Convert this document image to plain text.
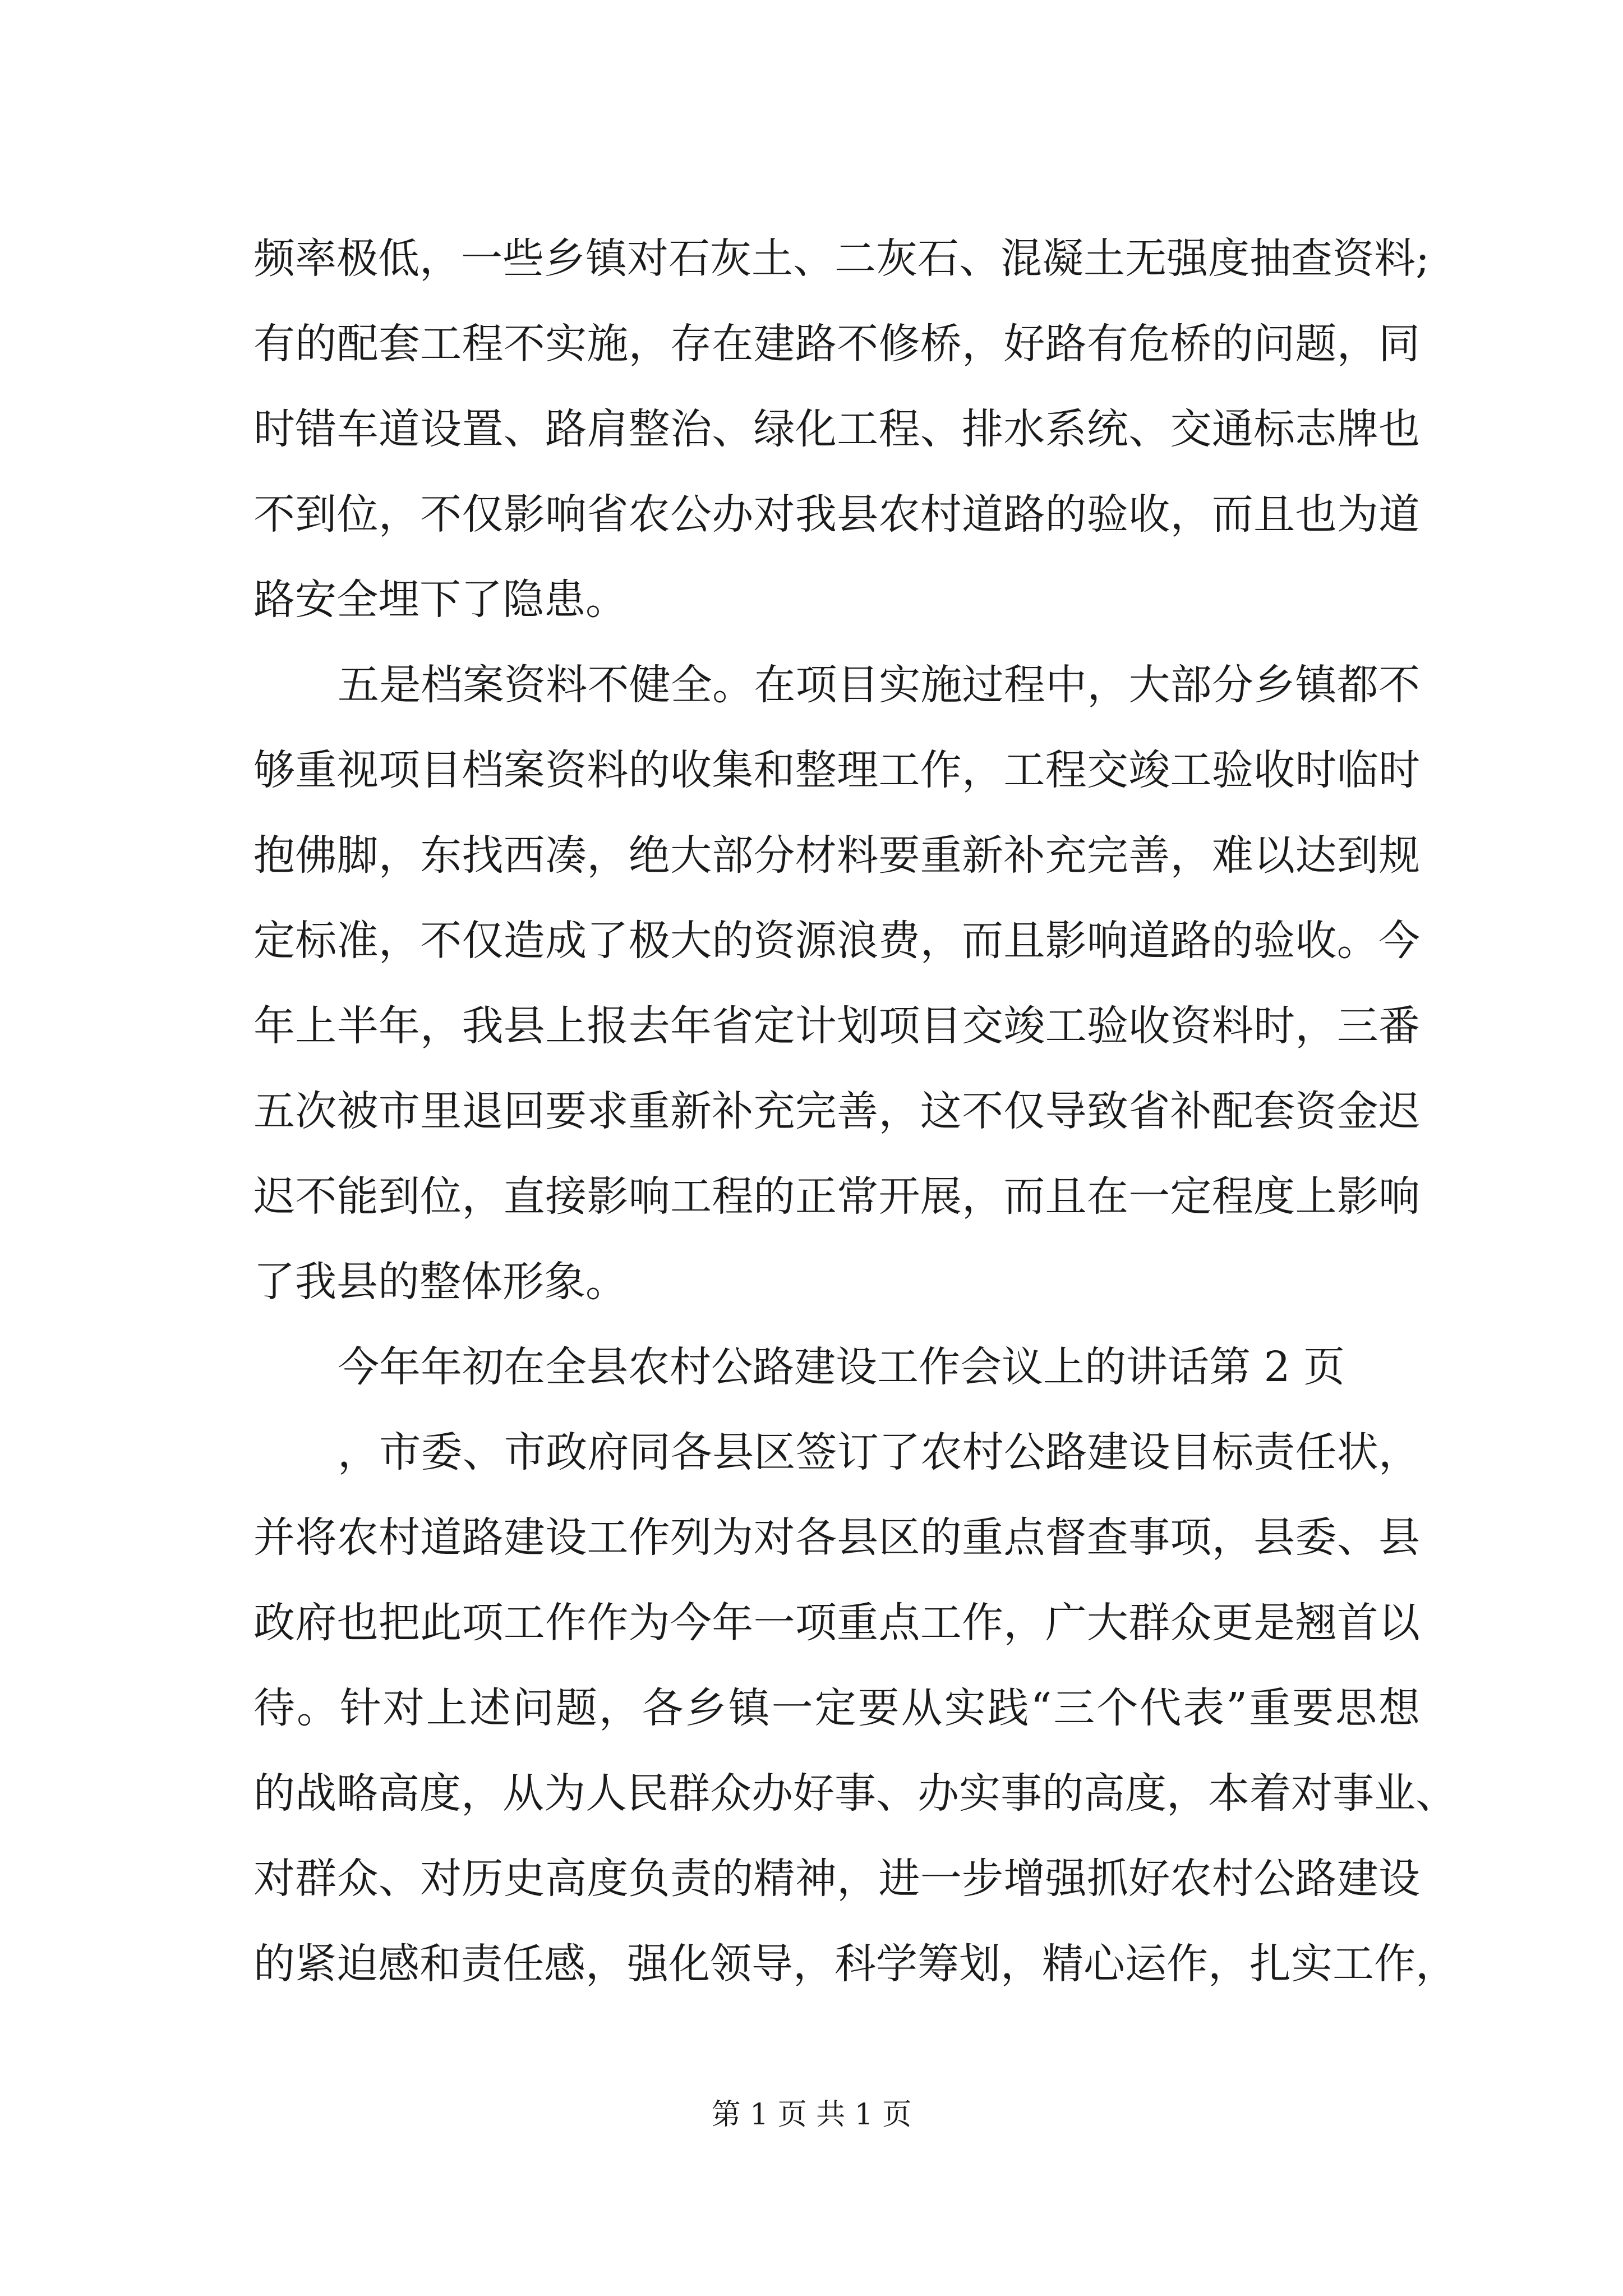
频率极低，一些乡镇对石灰土、二灰石、混凝土无强度抽查资料;
有的配套工程不实施，存在建路不修桥，好路有危桥的问题，同
时错车道设置、路肩整治、绿化工程、排水系统、交通标志牌也
不到位，不仅影响省农公办对我县农村道路的验收，而且也为道
路安全埋下了隐患。
五是档案资料不健全。在项目实施过程中，大部分乡镇都不
够重视项目档案资料的收集和整理工作，工程交竣工验收时临时
抱佛脚，东找西凑，绝大部分材料要重新补充完善，难以达到规
定标准，不仅造成了极大的资源浪费，而且影响道路的验收。今
年上半年，我县上报去年省定计划项目交竣工验收资料时，三番
五次被市里退回要求重新补充完善，这不仅导致省补配套资金迟
迟不能到位，直接影响工程的正常开展，而且在一定程度上影响
了我县的整体形象。
今年年初在全县农村公路建设工作会议上的讲话第 2 页
，市委、市政府同各县区签订了农村公路建设目标责任状，
并将农村道路建设工作列为对各县区的重点督查事项，县委、县
政府也把此项工作作为今年一项重点工作，广大群众更是翘首以
待。针对上述问题，各乡镇一定要从实践“三个代表”重要思想
的战略高度，从为人民群众办好事、办实事的高度，本着对事业、
对群众、对历史高度负责的精神，进一步增强抓好农村公路建设
的紧迫感和责任感，强化领导，科学筹划，精心运作，扎实工作，
第 1 页 共 1 页
